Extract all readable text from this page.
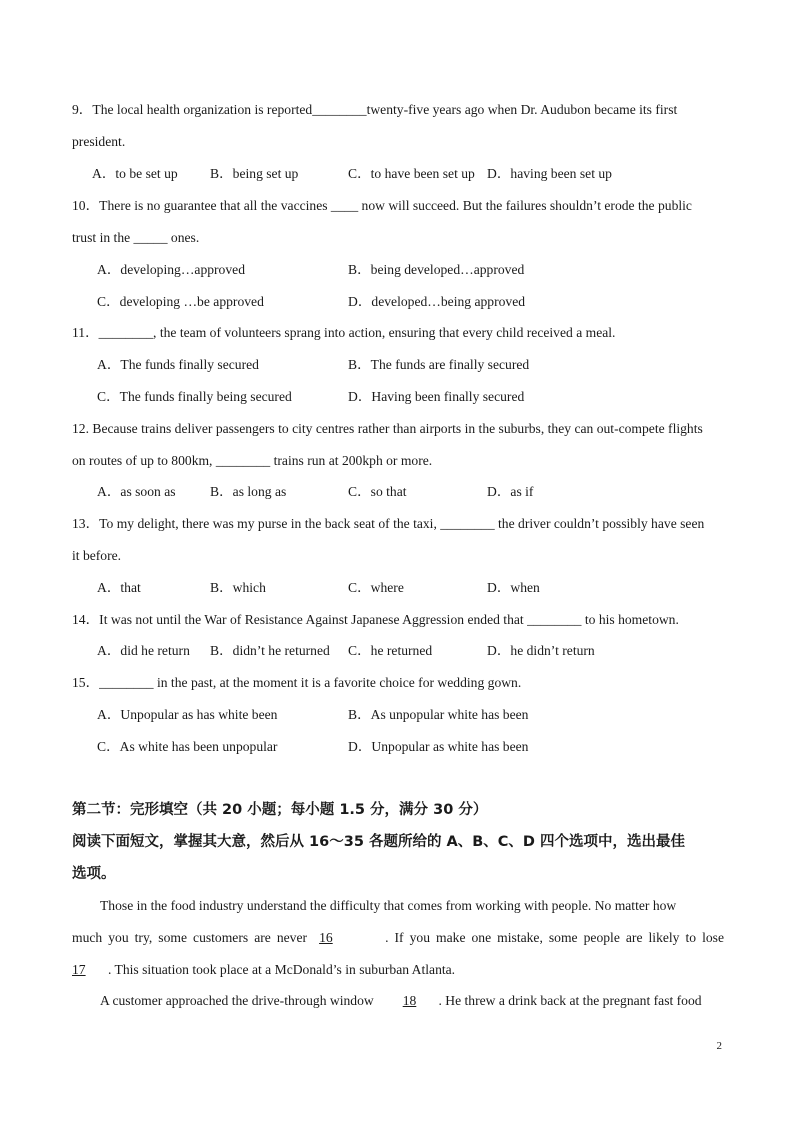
9．The local health organization is reported________twenty-five years ago when Dr. Audubon became its first
president.
A．to be set up B．being set up	C．to have been set up D．having been set up
10．There is no guarantee that all the vaccines ____ now will succeed. But the failures shouldn’t erode the public
trust in the _____ ones.
A．developing…approved	B．being developed…approved
C．developing …be approved	D．developed…being approved
11．________, the team of volunteers sprang into action, ensuring that every child received a meal.
A．The funds finally secured	B．The funds are finally secured
C．The funds finally being secured	D．Having been finally secured
12. Because trains deliver passengers to city centres rather than airports in the suburbs, they can out-compete flights
on routes of up to 800km, ________ trains run at 200kph or more.
A．as soon as	B．as long as	C．so that	D．as if
13．To my delight, there was my purse in the back seat of the taxi, ________ the driver couldn’t possibly have seen
it before.
A．that	B．which	C．where	D．when
14．It was not until the War of Resistance Against Japanese Aggression ended that ________ to his hometown.
A．did he return B．didn’t he returned C．he returned	D．he didn’t return
15．________ in the past, at the moment it is a favorite choice for wedding gown.
A．Unpopular as has white been	B．As unpopular white has been
C．As white has been unpopular	D．Unpopular as white has been
第二节：完形填空（共 20 小题；每小题 1.5 分，满分 30 分）
阅读下面短文，掌握其大意，然后从 16～35 各题所给的 A、B、C、D 四个选项中，选出最佳
选项。
Those in the food industry understand the difficulty that comes from working with people. No matter how
much you try, some customers are never 16	. If you make one mistake, some people are likely to lose
17 . This situation took place at a McDonald’s in suburban Atlanta.
A customer approached the drive-through window 18 . He threw a drink back at the pregnant fast food
2
